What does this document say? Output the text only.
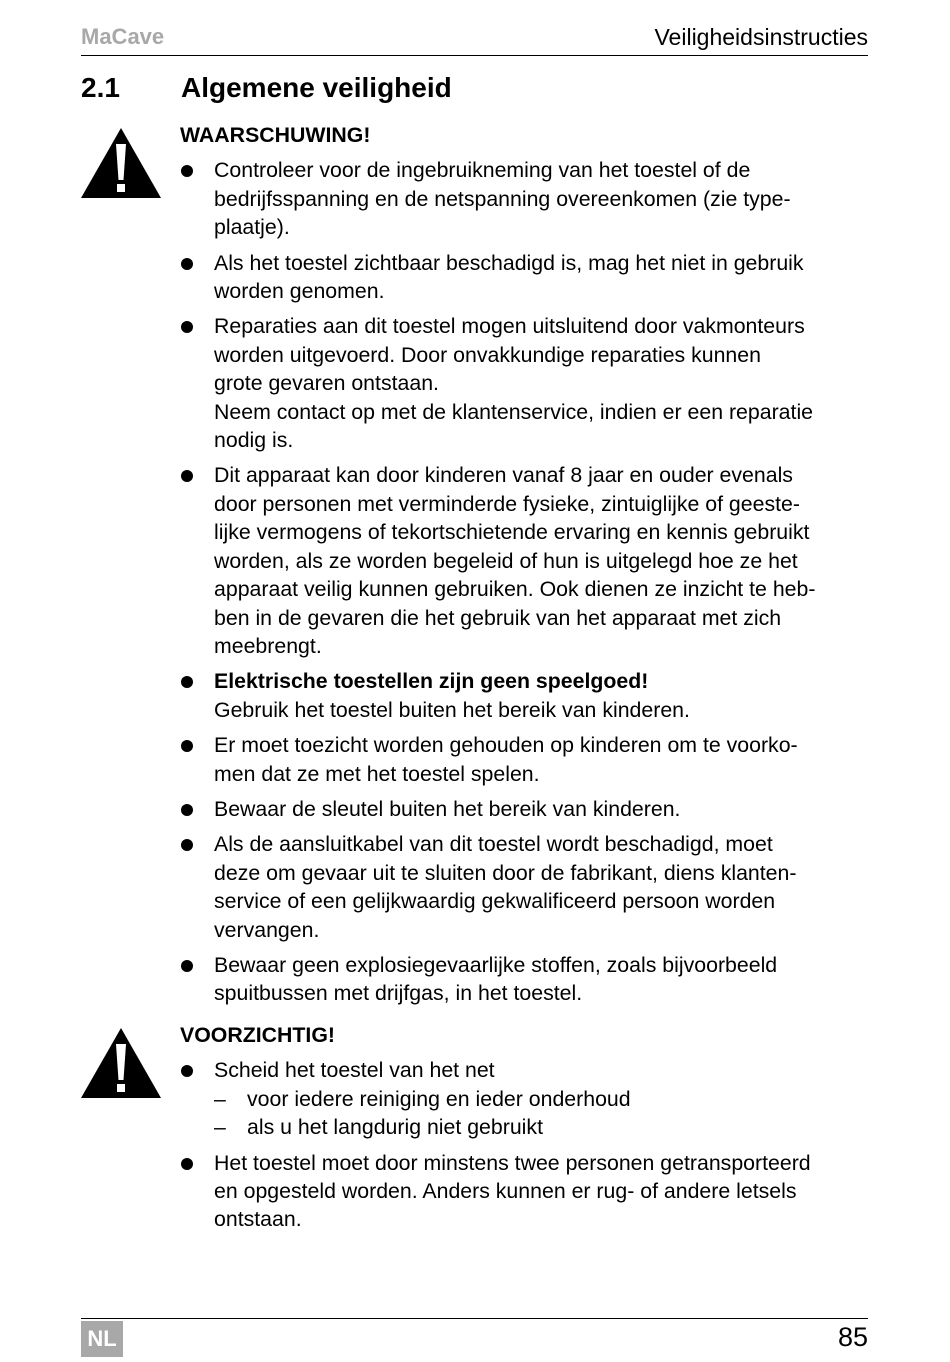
MaCave	Veiligheidsinstructies
2.1 Algemene veiligheid
WAARSCHUWING!
Controleer voor de ingebruikneming van het toestel of de
bedrijfsspanning en de netspanning overeenkomen (zie type-
plaatje).
Als het toestel zichtbaar beschadigd is, mag het niet in gebruik
worden genomen.
Reparaties aan dit toestel mogen uitsluitend door vakmonteurs
worden uitgevoerd. Door onvakkundige reparaties kunnen
grote gevaren ontstaan.
Neem contact op met de klantenservice, indien er een reparatie
nodig is.
Dit apparaat kan door kinderen vanaf 8 jaar en ouder evenals
door personen met verminderde fysieke, zintuiglijke of geeste-
lijke vermogens of tekortschietende ervaring en kennis gebruikt
worden, als ze worden begeleid of hun is uitgelegd hoe ze het
apparaat veilig kunnen gebruiken. Ook dienen ze inzicht te heb-
ben in de gevaren die het gebruik van het apparaat met zich
meebrengt.
Elektrische toestellen zijn geen speelgoed!
Gebruik het toestel buiten het bereik van kinderen.
Er moet toezicht worden gehouden op kinderen om te voorko-
men dat ze met het toestel spelen.
Bewaar de sleutel buiten het bereik van kinderen.
Als de aansluitkabel van dit toestel wordt beschadigd, moet
deze om gevaar uit te sluiten door de fabrikant, diens klanten-
service of een gelijkwaardig gekwalificeerd persoon worden
vervangen.
Bewaar geen explosiegevaarlijke stoffen, zoals bijvoorbeeld
spuitbussen met drijfgas, in het toestel.
VOORZICHTIG!
Scheid het toestel van het net
– voor iedere reiniging en ieder onderhoud
– als u het langdurig niet gebruikt
Het toestel moet door minstens twee personen getransporteerd
en opgesteld worden. Anders kunnen er rug- of andere letsels
ontstaan.
NL	85
